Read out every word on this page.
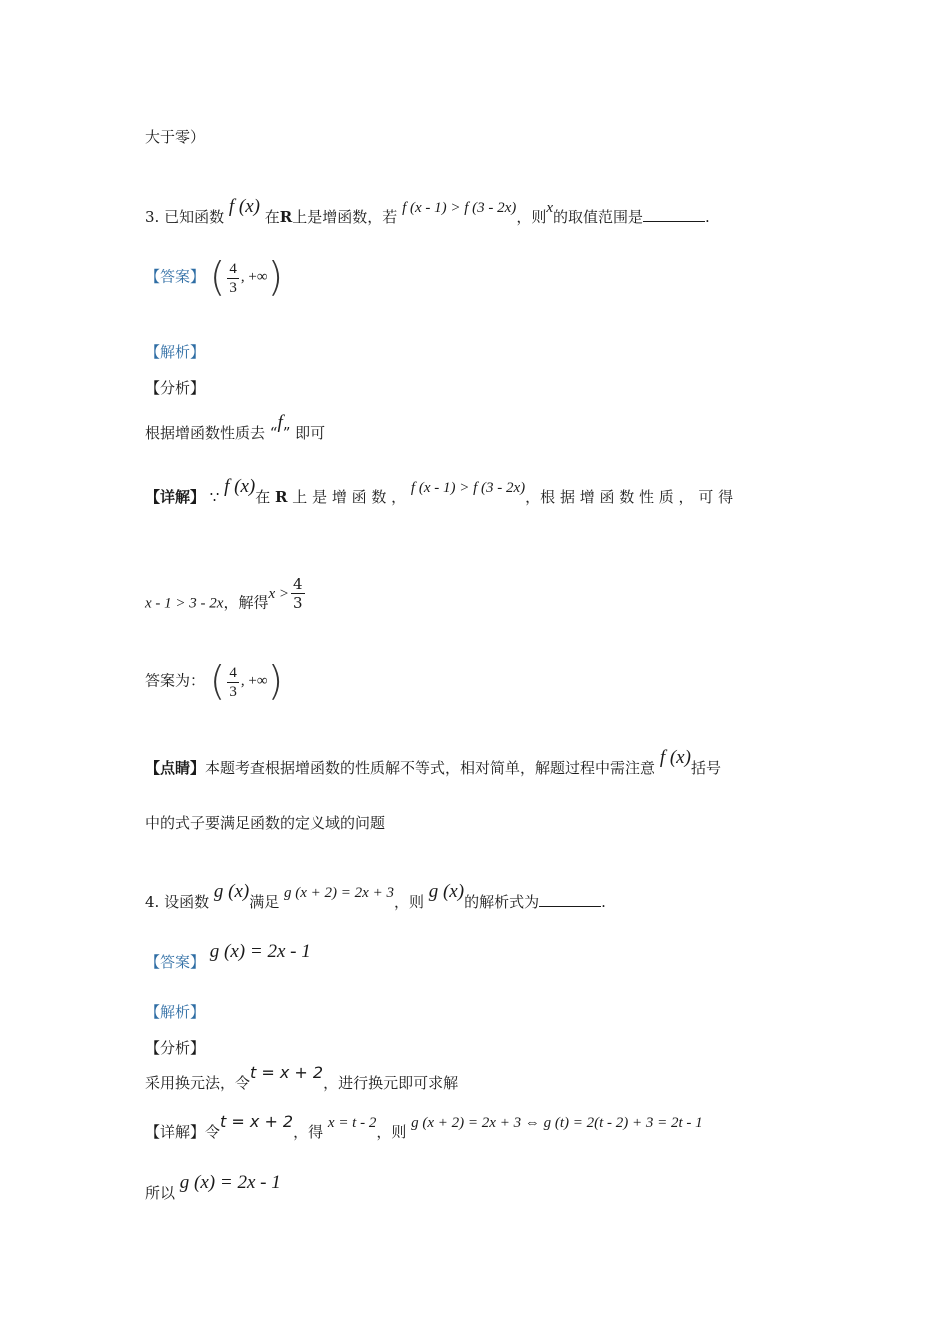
大于零）
3. 已知函数 f (x) 在R上是增函数，若 f (x - 1) > f (3 - 2x)，则x的取值范围是	.
【答案】 ( $\frac{4}{3}$ , +∞)
【解析】
【分析】
根据增函数性质去 “f” 即可
【详解】 ∵ f (x)在 R 上 是 增 函 数 ， f (x - 1) > f (3 - 2x)，根 据 增 函 数 性 质 ， 可 得
x - 1 > 3 - 2x，解得$x > \frac{4}{3}$
答案为： ( $\frac{4}{3}$ , +∞)
【点睛】本题考查根据增函数的性质解不等式，相对简单，解题过程中需注意 f (x)括号
中的式子要满足函数的定义域的问题
4. 设函数 g (x)满足 g (x + 2) = 2x + 3，则 g (x)的解析式为	.
【答案】 g (x) = 2x - 1
【解析】
【分析】
采用换元法，令t = x + 2，进行换元即可求解
【详解】令t = x + 2，得 x = t - 2，则 g (x + 2) = 2x + 3 ⇔ g (t) = 2(t - 2) + 3 = 2t - 1
所以 g (x) = 2x - 1
